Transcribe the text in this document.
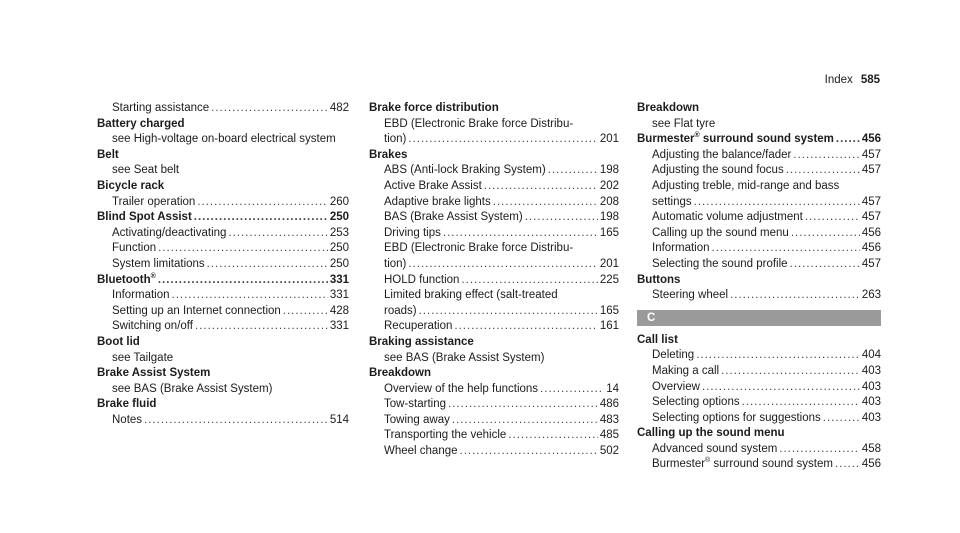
Index 585
Starting assistance .....	482
Battery charged
see High-voltage on-board electrical system
Belt
see Seat belt
Bicycle rack
Trailer operation .....	260
Blind Spot Assist .....	250
Activating/deactivating .....	253
Function .....	250
System limitations .....	250
Bluetooth® .....	331
Information .....	331
Setting up an Internet connection .....	428
Switching on/off .....	331
Boot lid
see Tailgate
Brake Assist System
see BAS (Brake Assist System)
Brake fluid
Notes .....	514
Brake force distribution
EBD (Electronic Brake force Distribu-
tion) .....	201
Brakes
ABS (Anti-lock Braking System) .....	198
Active Brake Assist .....	202
Adaptive brake lights .....	208
BAS (Brake Assist System) .....	198
Driving tips .....	165
EBD (Electronic Brake force Distribu-
tion) .....	201
HOLD function .....	225
Limited braking effect (salt-treated
roads) .....	165
Recuperation .....	161
Braking assistance
see BAS (Brake Assist System)
Breakdown
Overview of the help functions .....	14
Tow-starting .....	486
Towing away .....	483
Transporting the vehicle .....	485
Wheel change .....	502
Breakdown
see Flat tyre
Burmester® surround sound system ..... 456
Adjusting the balance/fader .....	457
Adjusting the sound focus .....	457
Adjusting treble, mid-range and bass
settings .....	457
Automatic volume adjustment .....	457
Calling up the sound menu .....	456
Information .....	456
Selecting the sound profile .....	457
Buttons
Steering wheel .....	263
C
Call list
Deleting .....	404
Making a call .....	403
Overview .....	403
Selecting options .....	403
Selecting options for suggestions .....	403
Calling up the sound menu
Advanced sound system .....	458
Burmester® surround sound system .....	456
